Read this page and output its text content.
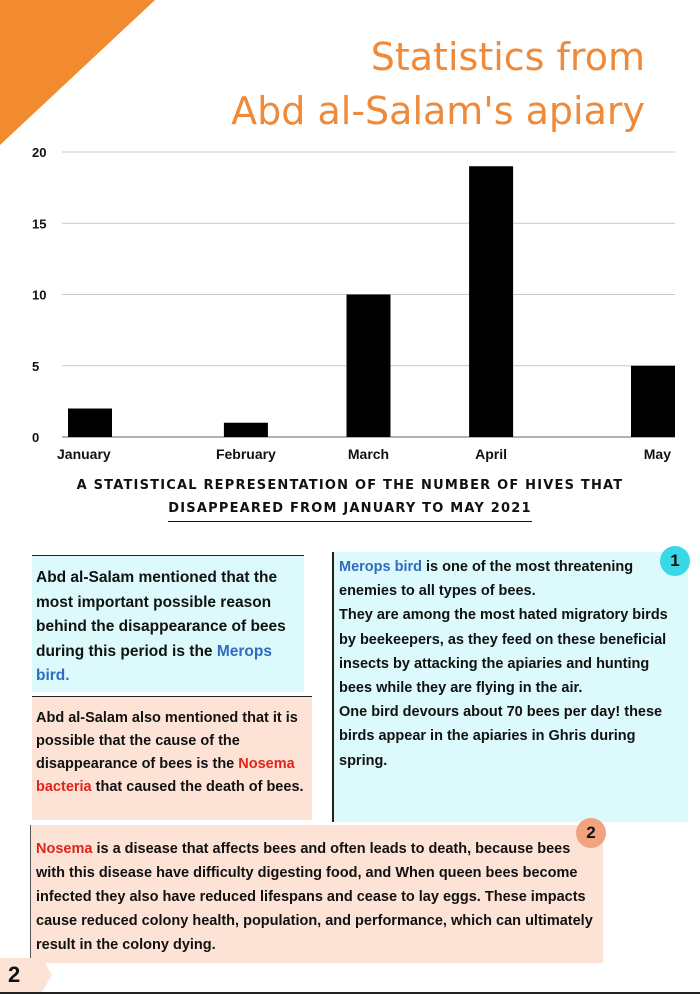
Statistics from
Abd al-Salam's apiary
0
5
10
15
20
January	February	March	April	May
A STATISTICAL REPRESENTATION OF THE NUMBER OF HIVES THAT
DISAPPEARED FROM JANUARY TO MAY 2021
Abd al-Salam mentioned that the most important possible reason behind the disappearance of bees during this period is the Merops bird.
Abd al-Salam also mentioned that it is possible that the cause of the disappearance of bees is the Nosema bacteria that caused the death of bees.
Merops bird is one of the most threatening enemies to all types of bees.
They are among the most hated migratory birds by beekeepers, as they feed on these beneficial insects by attacking the apiaries and hunting bees while they are flying in the air.
One bird devours about 70 bees per day! these birds appear in the apiaries in Ghris during spring.
1
Nosema is a disease that affects bees and often leads to death, because bees with this disease have difficulty digesting food, and When queen bees become infected they also have reduced lifespans and cease to lay eggs. These impacts cause reduced colony health, population, and performance, which can ultimately result in the colony dying.
2
2
